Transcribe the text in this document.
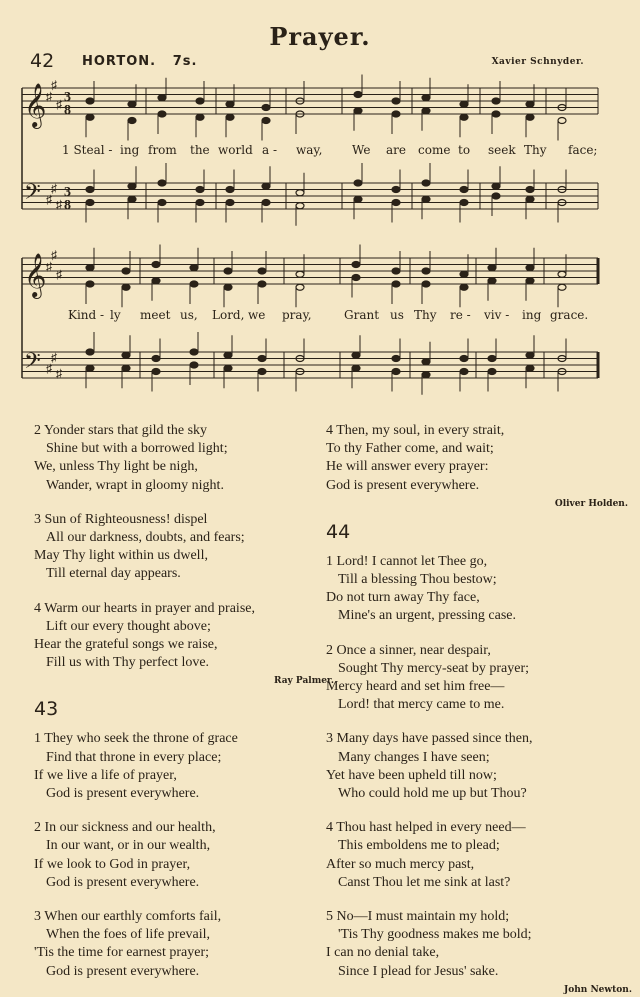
Prayer.
42 HORTON. 7s.	Xavier Schnyder.
𝄞
𝄢
♯
♯
♯
♯
♯
♯
3
8
3
8
1 Steal - ing from the world a - way, We are come to seek Thy face;
𝄞
𝄢
♯
♯
♯
♯
♯
♯
Kind - ly meet us, Lord, we pray,	Grant us Thy re - viv - ing grace.
2 Yonder stars that gild the sky
Shine but with a borrowed light;
We, unless Thy light be nigh,
Wander, wrapt in gloomy night.
3 Sun of Righteousness! dispel
All our darkness, doubts, and fears;
May Thy light within us dwell,
Till eternal day appears.
4 Warm our hearts in prayer and praise,
Lift our every thought above;
Hear the grateful songs we raise,
Fill us with Thy perfect love.
Ray Palmer.
43
1 They who seek the throne of grace
Find that throne in every place;
If we live a life of prayer,
God is present everywhere.
2 In our sickness and our health,
In our want, or in our wealth,
If we look to God in prayer,
God is present everywhere.
3 When our earthly comforts fail,
When the foes of life prevail,
'Tis the time for earnest prayer;
God is present everywhere.
4 Then, my soul, in every strait,
To thy Father come, and wait;
He will answer every prayer:
God is present everywhere.
Oliver Holden.
44
1 Lord! I cannot let Thee go,
Till a blessing Thou bestow;
Do not turn away Thy face,
Mine's an urgent, pressing case.
2 Once a sinner, near despair,
Sought Thy mercy-seat by prayer;
Mercy heard and set him free—
Lord! that mercy came to me.
3 Many days have passed since then,
Many changes I have seen;
Yet have been upheld till now;
Who could hold me up but Thou?
4 Thou hast helped in every need—
This emboldens me to plead;
After so much mercy past,
Canst Thou let me sink at last?
5 No—I must maintain my hold;
'Tis Thy goodness makes me bold;
I can no denial take,
Since I plead for Jesus' sake.
John Newton.
